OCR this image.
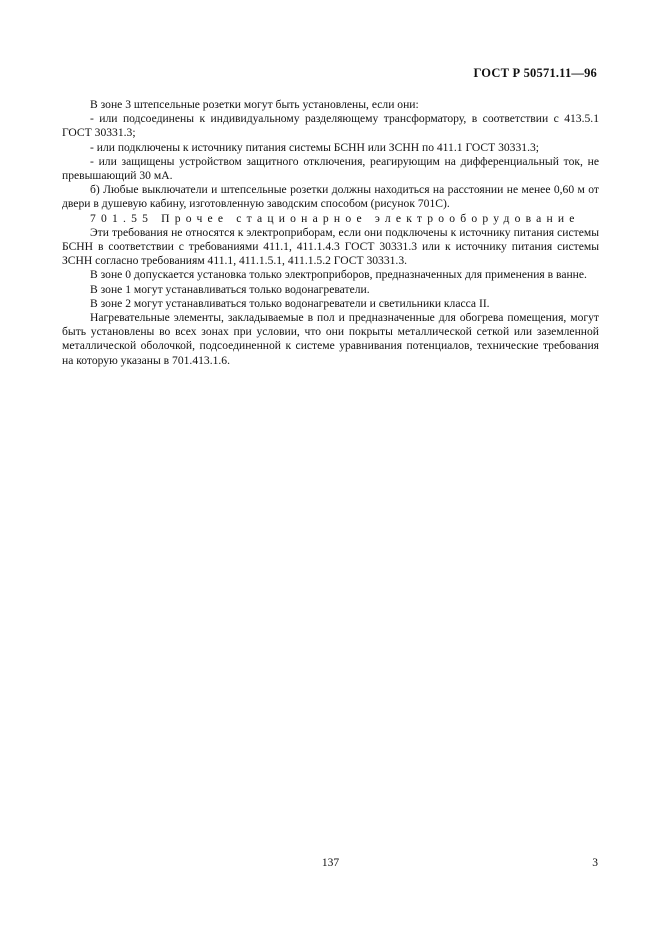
ГОСТ Р 50571.11—96

В зоне 3 штепсельные розетки могут быть установлены, если они:

- или подсоединены к индивидуальному разделяющему трансформатору, в соответствии с 413.5.1 ГОСТ 30331.3;

- или подключены к источнику питания системы БСНН или ЗСНН по 411.1 ГОСТ 30331.3;

- или защищены устройством защитного отключения, реагирующим на дифференциальный ток, не превышающий 30 мА.

б) Любые выключатели и штепсельные розетки должны находиться на расстоянии не менее 0,60 м от двери в душевую кабину, изготовленную заводским способом (рисунок 701С).

701.55 Прочее стационарное электрооборудование

Эти требования не относятся к электроприборам, если они подключены к источнику питания системы БСНН в соответствии с требованиями 411.1, 411.1.4.3 ГОСТ 30331.3 или к источнику питания системы ЗСНН согласно требованиям 411.1, 411.1.5.1, 411.1.5.2 ГОСТ 30331.3.

В зоне 0 допускается установка только электроприборов, предназначенных для применения в ванне.

В зоне 1 могут устанавливаться только водонагреватели.

В зоне 2 могут устанавливаться только водонагреватели и светильники класса II.

Нагревательные элементы, закладываемые в пол и предназначенные для обогрева помещения, могут быть установлены во всех зонах при условии, что они покрыты металлической сеткой или заземленной металлической оболочкой, подсоединенной к системе уравнивания потенциалов, технические требования на которую указаны в 701.413.1.6.

137	3
